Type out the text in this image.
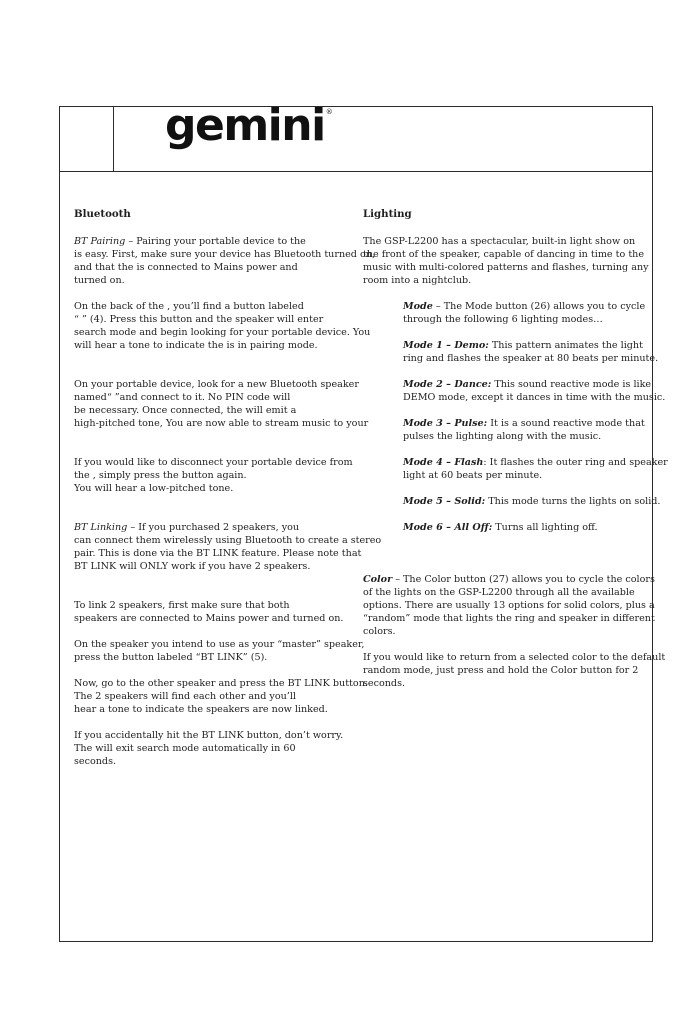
gemini®

Bluetooth

BT Pairing – Pairing your portable device to the
is easy. First, make sure your device has Bluetooth turned on,
and that the is connected to Mains power and
turned on.

On the back of the , you’ll find a button labeled
“ ” (4). Press this button and the speaker will enter
search mode and begin looking for your portable device. You
will hear a tone to indicate the is in pairing mode.

On your portable device, look for a new Bluetooth speaker
named“ ”and connect to it. No PIN code will
be necessary. Once connected, the will emit a
high-pitched tone, You are now able to stream music to your

If you would like to disconnect your portable device from
the , simply press the button again.
You will hear a low-pitched tone.

BT Linking – If you purchased 2 speakers, you
can connect them wirelessly using Bluetooth to create a stereo
pair. This is done via the BT LINK feature. Please note that
BT LINK will ONLY work if you have 2 speakers.

To link 2 speakers, first make sure that both
speakers are connected to Mains power and turned on.

On the speaker you intend to use as your “master” speaker,
press the button labeled “BT LINK” (5).

Now, go to the other speaker and press the BT LINK button.
The 2 speakers will find each other and you’ll
hear a tone to indicate the speakers are now linked.

If you accidentally hit the BT LINK button, don’t worry.
The will exit search mode automatically in 60
seconds.

Lighting

The GSP-L2200 has a spectacular, built-in light show on
the front of the speaker, capable of dancing in time to the
music with multi-colored patterns and flashes, turning any
room into a nightclub.

Mode – The Mode button (26) allows you to cycle
through the following 6 lighting modes…

Mode 1 – Demo: This pattern animates the light
ring and flashes the speaker at 80 beats per minute.

Mode 2 – Dance: This sound reactive mode is like
DEMO mode, except it dances in time with the music.

Mode 3 – Pulse: It is a sound reactive mode that
pulses the lighting along with the music.

Mode 4 – Flash: It flashes the outer ring and speaker
light at 60 beats per minute.

Mode 5 – Solid: This mode turns the lights on solid.

Mode 6 – All Off: Turns all lighting off.

Color – The Color button (27) allows you to cycle the colors
of the lights on the GSP-L2200 through all the available
options. There are usually 13 options for solid colors, plus a
“random” mode that lights the ring and speaker in different
colors.

If you would like to return from a selected color to the default
random mode, just press and hold the Color button for 2
seconds.
